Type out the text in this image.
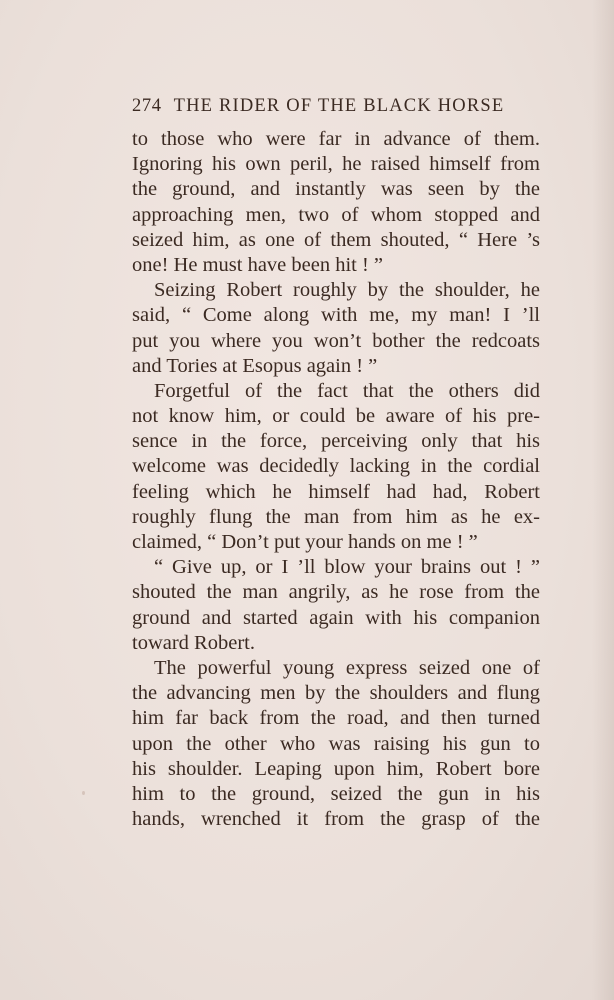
274 THE RIDER OF THE BLACK HORSE
to those who were far in advance of them.
Ignoring his own peril, he raised himself from
the ground, and instantly was seen by the
approaching men, two of whom stopped and
seized him, as one of them shouted, “ Here ’s
one! He must have been hit ! ”
Seizing Robert roughly by the shoulder, he
said, “ Come along with me, my man! I ’ll
put you where you won’t bother the redcoats
and Tories at Esopus again ! ”
Forgetful of the fact that the others did
not know him, or could be aware of his pre-
sence in the force, perceiving only that his
welcome was decidedly lacking in the cordial
feeling which he himself had had, Robert
roughly flung the man from him as he ex-
claimed, “ Don’t put your hands on me ! ”
“ Give up, or I ’ll blow your brains out ! ”
shouted the man angrily, as he rose from the
ground and started again with his companion
toward Robert.
The powerful young express seized one of
the advancing men by the shoulders and flung
him far back from the road, and then turned
upon the other who was raising his gun to
his shoulder. Leaping upon him, Robert bore
him to the ground, seized the gun in his
hands, wrenched it from the grasp of the
